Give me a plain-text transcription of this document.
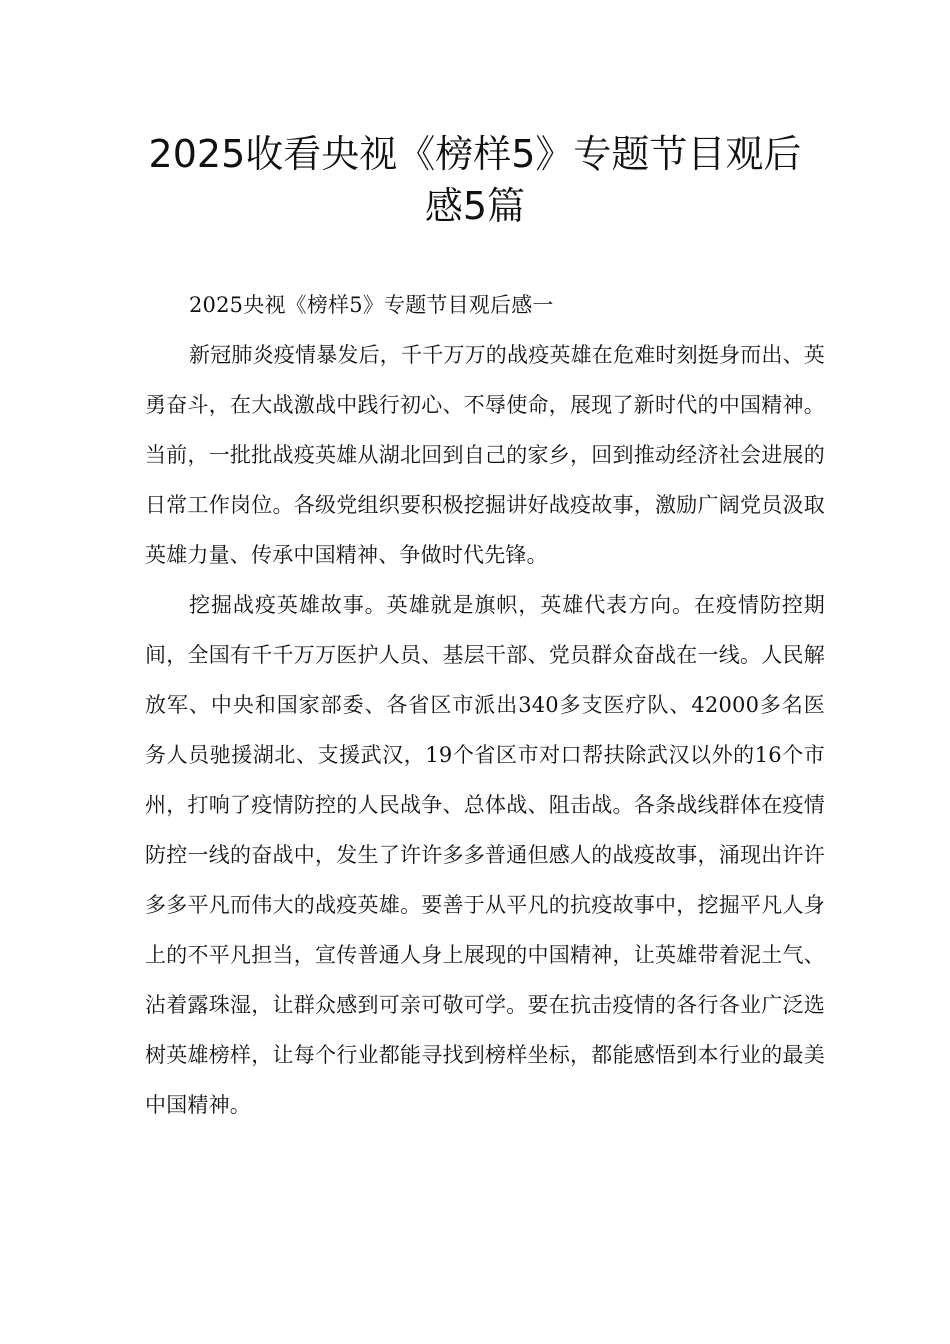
2025收看央视《榜样5》专题节目观后
感5篇

2025央视《榜样5》专题节目观后感一

新冠肺炎疫情暴发后，千千万万的战疫英雄在危难时刻挺身而出、英勇奋斗，在大战激战中践行初心、不辱使命，展现了新时代的中国精神。当前，一批批战疫英雄从湖北回到自己的家乡，回到推动经济社会进展的日常工作岗位。各级党组织要积极挖掘讲好战疫故事，激励广阔党员汲取英雄力量、传承中国精神、争做时代先锋。

挖掘战疫英雄故事。英雄就是旗帜，英雄代表方向。在疫情防控期间，全国有千千万万医护人员、基层干部、党员群众奋战在一线。人民解放军、中央和国家部委、各省区市派出340多支医疗队、42000多名医务人员驰援湖北、支援武汉，19个省区市对口帮扶除武汉以外的16个市州，打响了疫情防控的人民战争、总体战、阻击战。各条战线群体在疫情防控一线的奋战中，发生了许许多多普通但感人的战疫故事，涌现出许许多多平凡而伟大的战疫英雄。要善于从平凡的抗疫故事中，挖掘平凡人身上的不平凡担当，宣传普通人身上展现的中国精神，让英雄带着泥土气、沾着露珠湿，让群众感到可亲可敬可学。要在抗击疫情的各行各业广泛选树英雄榜样，让每个行业都能寻找到榜样坐标，都能感悟到本行业的最美中国精神。
